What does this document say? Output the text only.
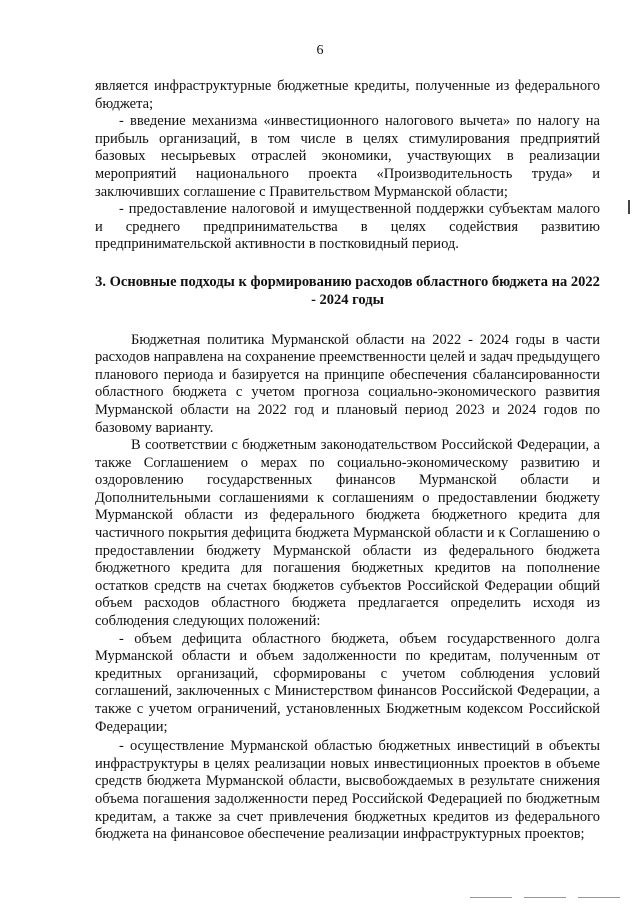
6

является инфраструктурные бюджетные кредиты, полученные из федерального бюджета;

- введение механизма «инвестиционного налогового вычета» по налогу на прибыль организаций, в том числе в целях стимулирования предприятий базовых несырьевых отраслей экономики, участвующих в реализации мероприятий национального проекта «Производительность труда» и заключивших соглашение с Правительством Мурманской области;

- предоставление налоговой и имущественной поддержки субъектам малого и среднего предпринимательства в целях содействия развитию предпринимательской активности в постковидный период.

3. Основные подходы к формированию расходов областного бюджета на 2022 - 2024 годы

Бюджетная политика Мурманской области на 2022 - 2024 годы в части расходов направлена на сохранение преемственности целей и задач предыдущего планового периода и базируется на принципе обеспечения сбалансированности областного бюджета с учетом прогноза социально-экономического развития Мурманской области на 2022 год и плановый период 2023 и 2024 годов по базовому варианту.

В соответствии с бюджетным законодательством Российской Федерации, а также Соглашением о мерах по социально-экономическому развитию и оздоровлению государственных финансов Мурманской области и Дополнительными соглашениями к соглашениям о предоставлении бюджету Мурманской области из федерального бюджета бюджетного кредита для частичного покрытия дефицита бюджета Мурманской области и к Соглашению о предоставлении бюджету Мурманской области из федерального бюджета бюджетного кредита для погашения бюджетных кредитов на пополнение остатков средств на счетах бюджетов субъектов Российской Федерации общий объем расходов областного бюджета предлагается определить исходя из соблюдения следующих положений:

- объем дефицита областного бюджета, объем государственного долга Мурманской области и объем задолженности по кредитам, полученным от кредитных организаций, сформированы с учетом соблюдения условий соглашений, заключенных с Министерством финансов Российской Федерации, а также с учетом ограничений, установленных Бюджетным кодексом Российской Федерации;

- осуществление Мурманской областью бюджетных инвестиций в объекты инфраструктуры в целях реализации новых инвестиционных проектов в объеме средств бюджета Мурманской области, высвобождаемых в результате снижения объема погашения задолженности перед Российской Федерацией по бюджетным кредитам, а также за счет привлечения бюджетных кредитов из федерального бюджета на финансовое обеспечение реализации инфраструктурных проектов;
